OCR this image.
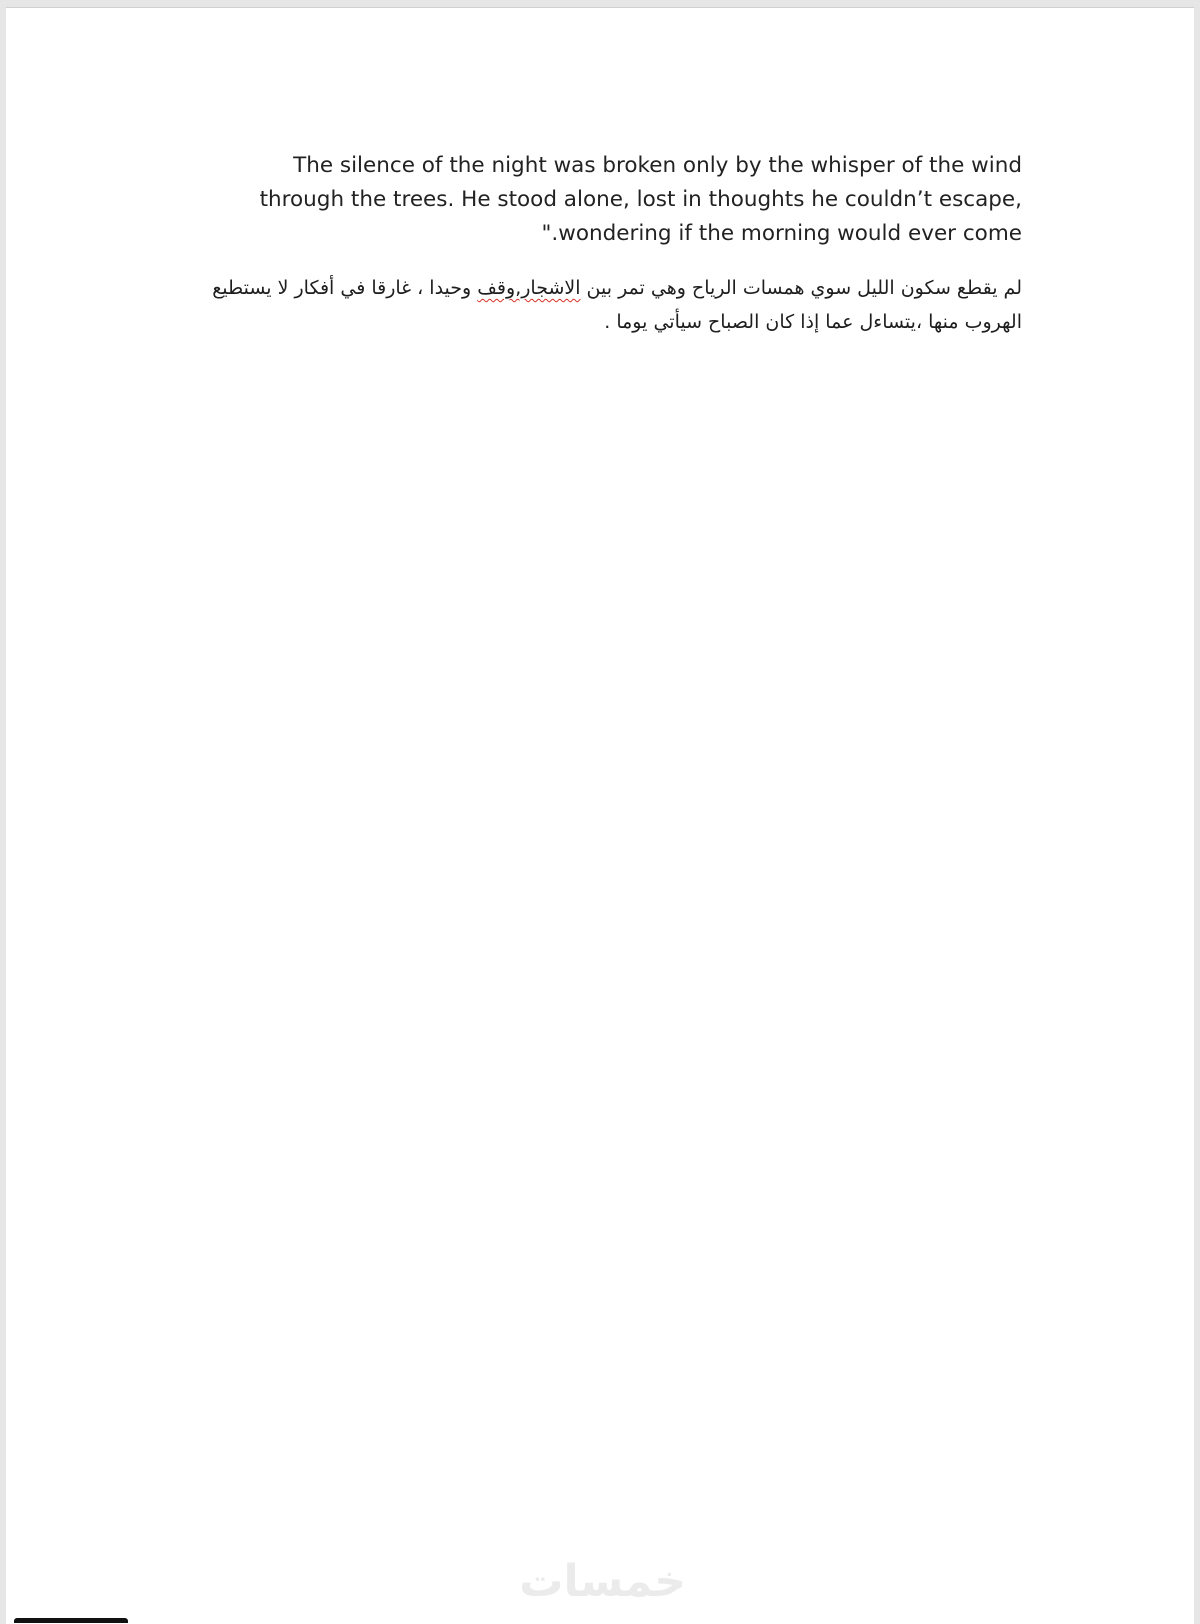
The silence of the night was broken only by the whisper of the wind through the trees. He stood alone, lost in thoughts he couldn’t escape, wondering if the morning would ever come."

لم يقطع سكون الليل سوي همسات الرياح وهي تمر بين الاشجار,وقف وحيدا ، غارقا في أفكار لا يستطيع الهروب منها ،يتساءل عما إذا كان الصباح سيأتي يوما .

خمسات
